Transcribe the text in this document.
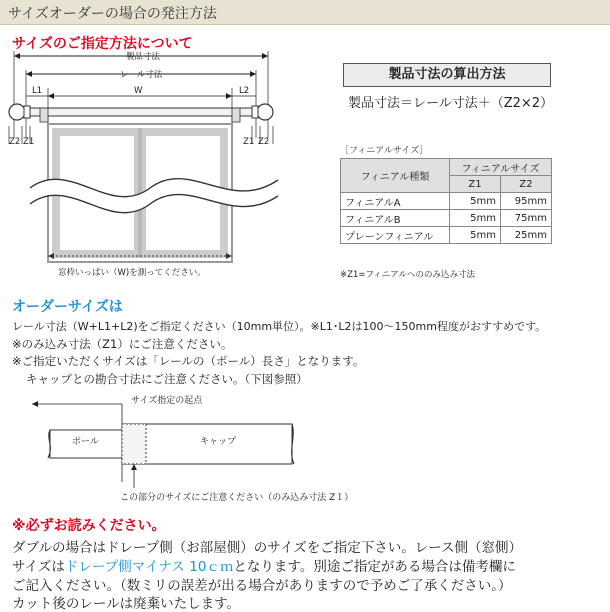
サイズオーダーの場合の発注方法
サイズのご指定方法について
製品寸法
レール寸法
L1	W	L2
Z2 Z1	Z1 Z2
窓枠いっぱい（W)を測ってください。
製品寸法の算出方法
製品寸法＝レール寸法＋（Z2×2）
［フィニアルサイズ］
フィニアル種類	フィニアルサイズ	
	Z1	Z2
フィニアルA	5mm	95mm
フィニアルB	5mm	75mm
プレーンフィニアル	5mm	25mm
※Z1=フィニアルへののみ込み寸法
オーダーサイズは
レール寸法（W+L1+L2)をご指定ください（10mm単位）。※L1･L2は100～150mm程度がおすすめです。
※のみ込み寸法（Z1）にご注意ください。
※ご指定いただくサイズは「レールの（ポール）長さ」となります。
キャップとの勘合寸法にご注意ください。（下図参照）
サイズ指定の起点
ポール	キャップ
この部分のサイズにご注意ください（のみ込み寸法 Z１）
※必ずお読みください。
ダブルの場合はドレープ側（お部屋側）のサイズをご指定下さい。レース側（窓側）
サイズはドレープ側マイナス 10ｃｍとなります。別途ご指定がある場合は備考欄に
ご記入ください。（数ミリの誤差が出る場合がありますので予めご了承ください。）
カット後のレールは廃棄いたします。
